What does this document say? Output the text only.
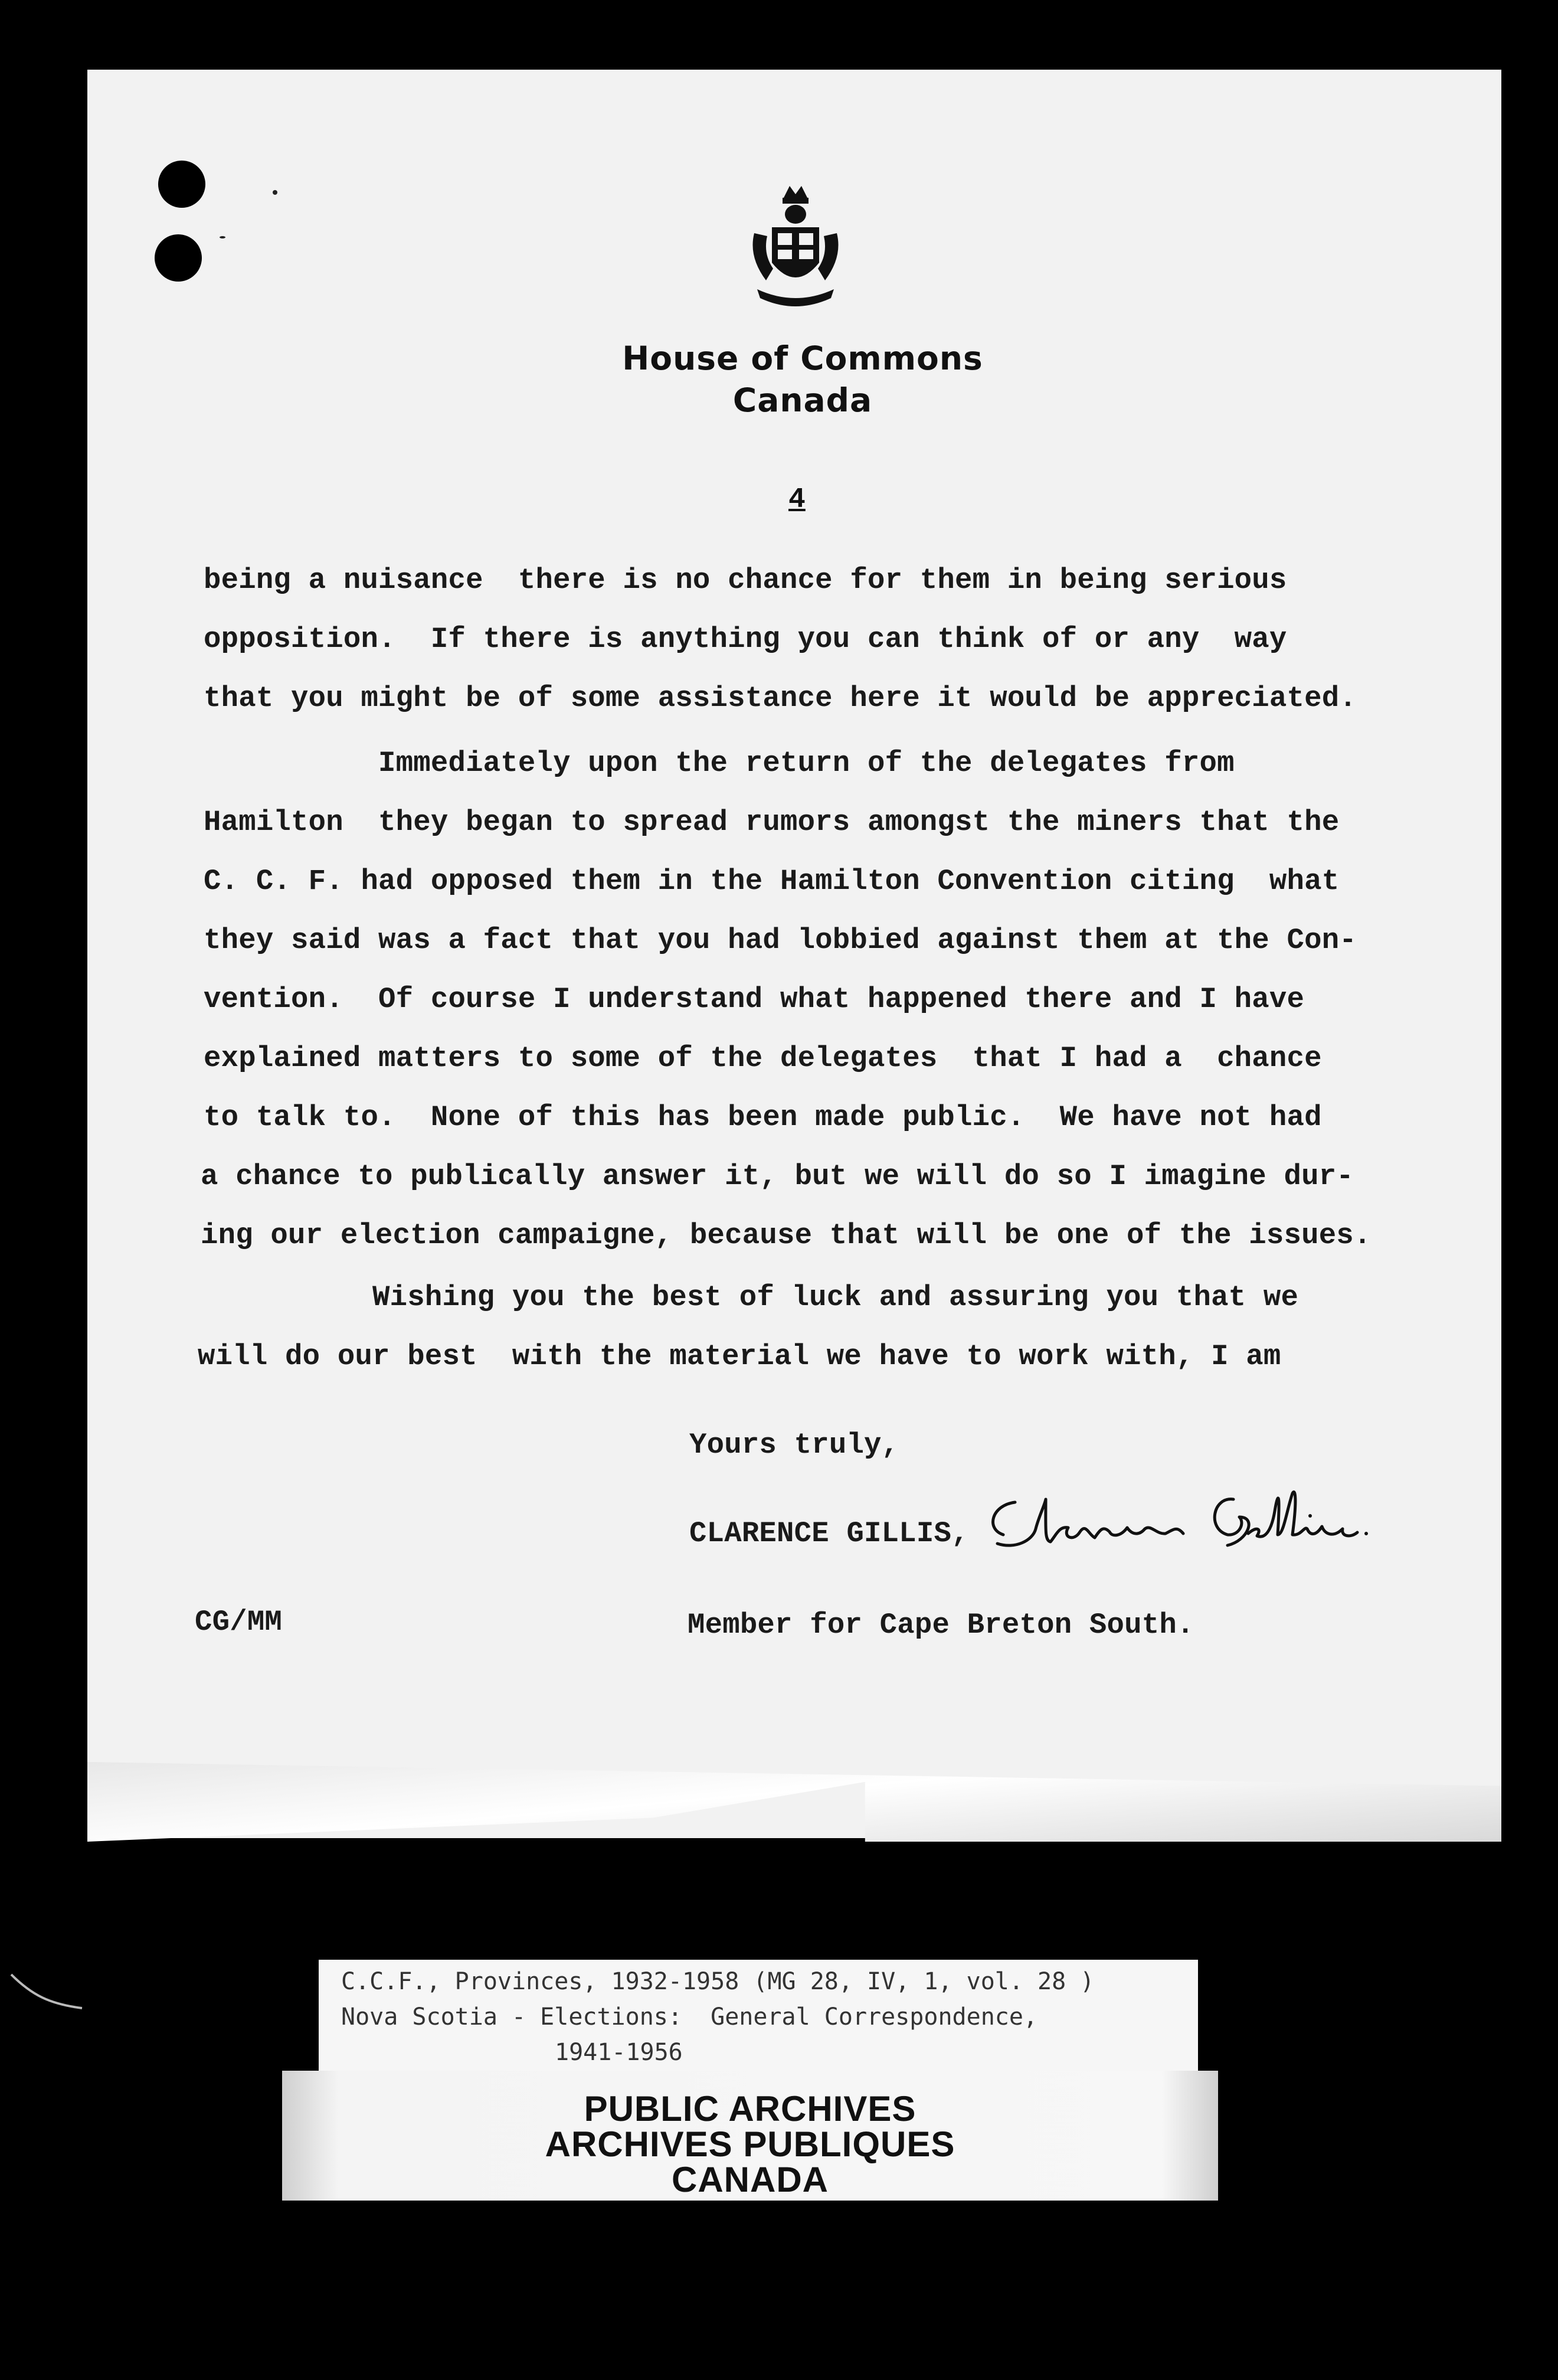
House of Commons
Canada
4
being a nuisance  there is no chance for them in being serious
opposition.  If there is anything you can think of or any  way
that you might be of some assistance here it would be appreciated.
Immediately upon the return of the delegates from
Hamilton  they began to spread rumors amongst the miners that the
C. C. F. had opposed them in the Hamilton Convention citing  what
they said was a fact that you had lobbied against them at the Con-
vention.  Of course I understand what happened there and I have
explained matters to some of the delegates  that I had a  chance
to talk to.  None of this has been made public.  We have not had
a chance to publically answer it, but we will do so I imagine dur-
ing our election campaigne, because that will be one of the issues.
Wishing you the best of luck and assuring you that we
will do our best  with the material we have to work with, I am
Yours truly,
CLARENCE GILLIS,
CG/MM	Member for Cape Breton South.
C.C.F., Provinces, 1932-1958 (MG 28, IV, 1, vol. 28 )
Nova Scotia - Elections:  General Correspondence,
1941-1956
PUBLIC ARCHIVES
ARCHIVES PUBLIQUES
CANADA
